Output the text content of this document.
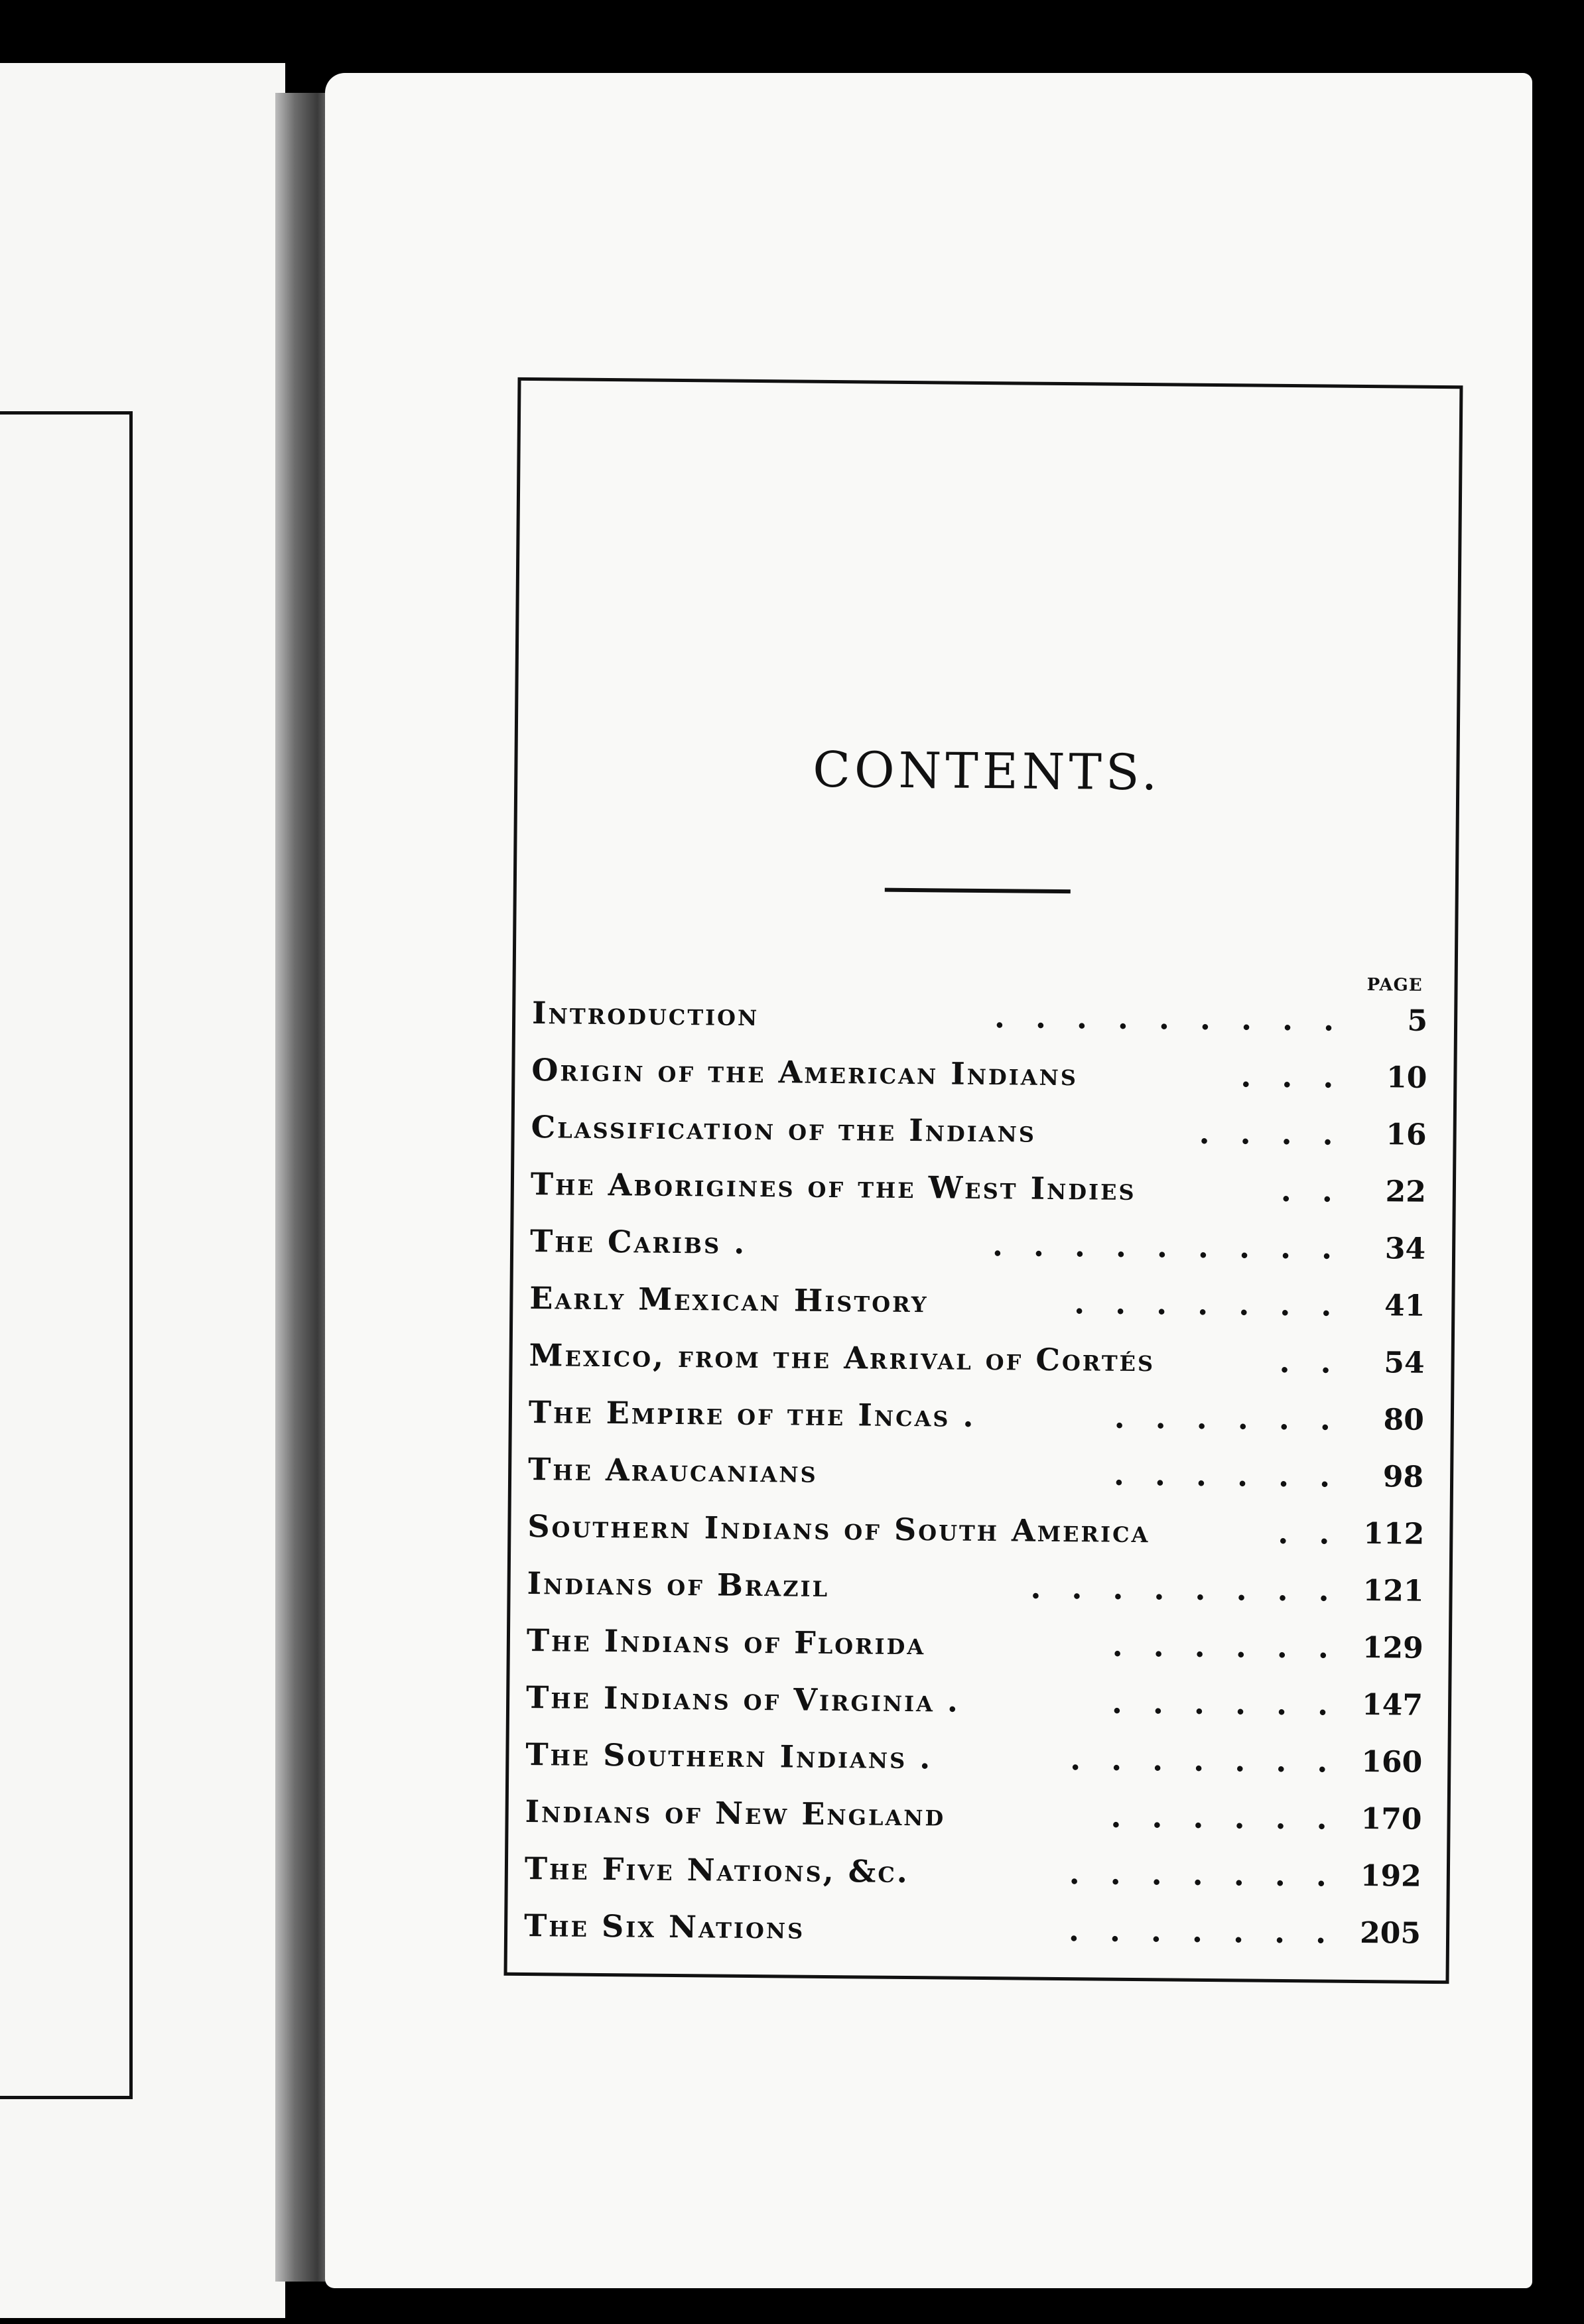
CONTENTS.
PAGE
Introduction	.........	5
Origin of the American Indians	... 10
Classification of the Indians	.... 16
The Aborigines of the West Indies	.. 22
The Caribs .	......... 34
Early Mexican History	....... 41
Mexico, from the Arrival of Cortés	.. 54
The Empire of the Incas .	...... 80
The Araucanians	...... 98
Southern Indians of South America	.. 112
Indians of Brazil	........ 121
The Indians of Florida	...... 129
The Indians of Virginia .	...... 147
The Southern Indians .	....... 160
Indians of New England	...... 170
The Five Nations, &c.	....... 192
The Six Nations	....... 205
